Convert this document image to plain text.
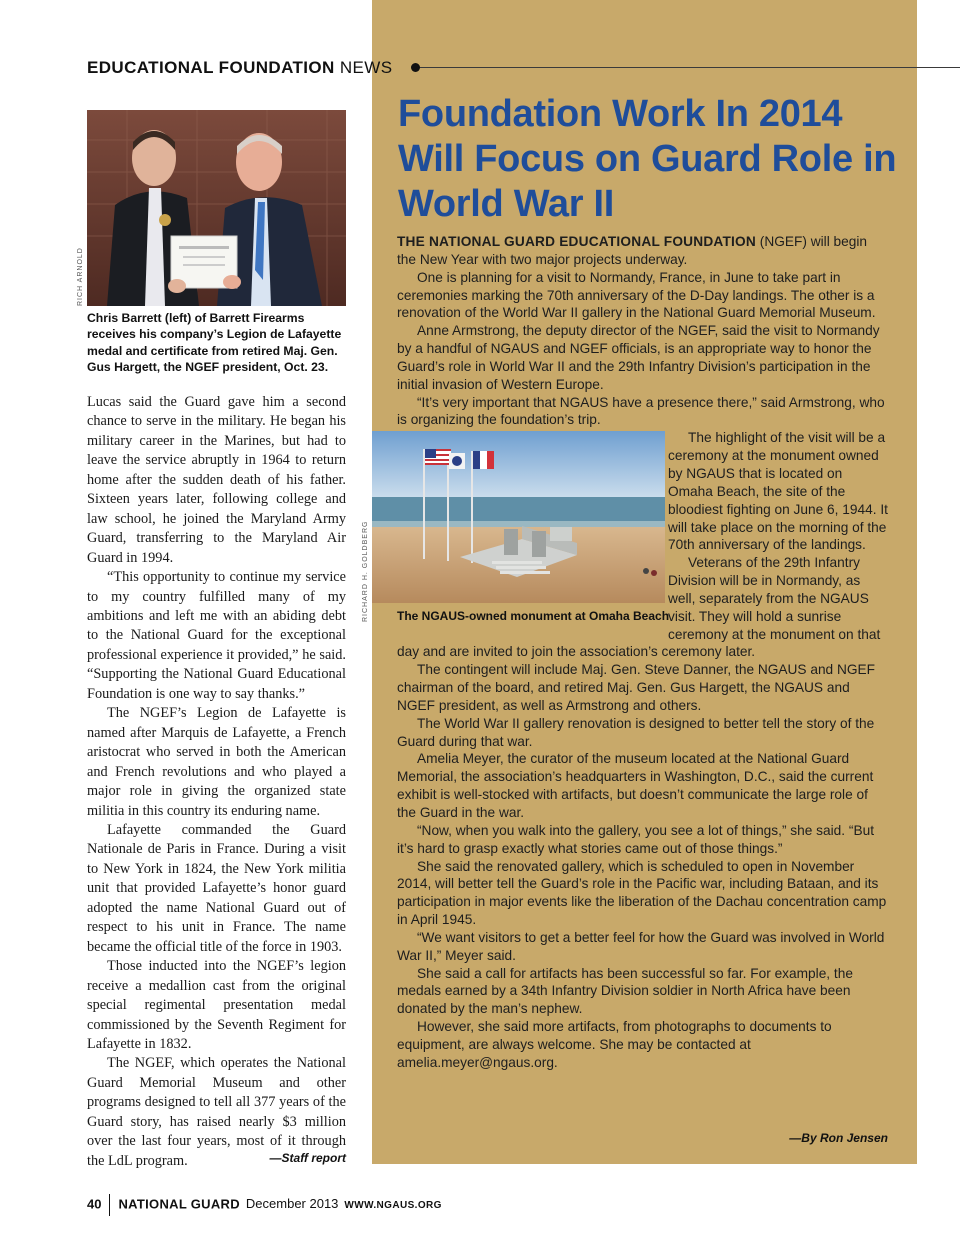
EDUCATIONAL FOUNDATION NEWS
RICH ARNOLD
Chris Barrett (left) of Barrett Firearms receives his company’s Legion de Lafayette medal and certificate from retired Maj. Gen. Gus Hargett, the NGEF president, Oct. 23.

Lucas said the Guard gave him a second chance to serve in the military. He began his military career in the Marines, but had to leave the service abruptly in 1964 to return home after the sudden death of his father. Sixteen years later, following college and law school, he joined the Maryland Army Guard, transferring to the Maryland Air Guard in 1994.

“This opportunity to continue my service to my country fulfilled many of my ambitions and left me with an abiding debt to the National Guard for the exceptional professional experience it provided,” he said. “Supporting the National Guard Educational Foundation is one way to say thanks.”

The NGEF’s Legion de Lafayette is named after Marquis de Lafayette, a French aristocrat who served in both the American and French revolutions and who played a major role in giving the organized state militia in this country its enduring name.

Lafayette commanded the Guard Nationale de Paris in France. During a visit to New York in 1824, the New York militia unit that provided Lafayette’s honor guard adopted the name National Guard out of respect to his unit in France. The name became the official title of the force in 1903.

Those inducted into the NGEF’s legion receive a medallion cast from the original special regimental presentation medal commissioned by the Seventh Regiment for Lafayette in 1832.

The NGEF, which operates the National Guard Memorial Museum and other programs designed to tell all 377 years of the Guard story, has raised nearly $3 million over the last four years, most of it through the LdL program.	—Staff report
Foundation Work In 2014 Will Focus on Guard Role in World War II
RICHARD H. GOLDBERG

THE NATIONAL GUARD EDUCATIONAL FOUNDATION (NGEF) will begin the New Year with two major projects underway.

One is planning for a visit to Normandy, France, in June to take part in ceremonies marking the 70th anniversary of the D-Day landings. The other is a renovation of the World War II gallery in the National Guard Memorial Museum.

Anne Armstrong, the deputy director of the NGEF, said the visit to Normandy by a handful of NGAUS and NGEF officials, is an appropriate way to honor the Guard’s role in World War II and the 29th Infantry Division’s participation in the initial invasion of Western Europe.

“It’s very important that NGAUS have a presence there,” said Armstrong, who is organizing the foundation’s trip.

The NGAUS-owned monument at Omaha Beach

The highlight of the visit will be a ceremony at the monument owned by NGAUS that is located on Omaha Beach, the site of the bloodiest fighting on June 6, 1944. It will take place on the morning of the 70th anniversary of the landings.

Veterans of the 29th Infantry Division will be in Normandy, as well, separately from the NGAUS visit. They will hold a sunrise ceremony at the monument on that day and are invited to join the association’s ceremony later.

The contingent will include Maj. Gen. Steve Danner, the NGAUS and NGEF chairman of the board, and retired Maj. Gen. Gus Hargett, the NGAUS and NGEF president, as well as Armstrong and others.

The World War II gallery renovation is designed to better tell the story of the Guard during that war.

Amelia Meyer, the curator of the museum located at the National Guard Memorial, the association’s headquarters in Washington, D.C., said the current exhibit is well-stocked with artifacts, but doesn’t communicate the large role of the Guard in the war.

“Now, when you walk into the gallery, you see a lot of things,” she said. “But it’s hard to grasp exactly what stories came out of those things.”

She said the renovated gallery, which is scheduled to open in November 2014, will better tell the Guard’s role in the Pacific war, including Bataan, and its participation in major events like the liberation of the Dachau concentration camp in April 1945.

“We want visitors to get a better feel for how the Guard was involved in World War II,” Meyer said.

She said a call for artifacts has been successful so far. For example, the medals earned by a 34th Infantry Division soldier in North Africa have been donated by the man’s nephew.

However, she said more artifacts, from photographs to documents to equipment, are always welcome. She may be contacted at amelia.meyer@ngaus.org.

—By Ron Jensen
40 NATIONAL GUARD December 2013 WWW.NGAUS.ORG
